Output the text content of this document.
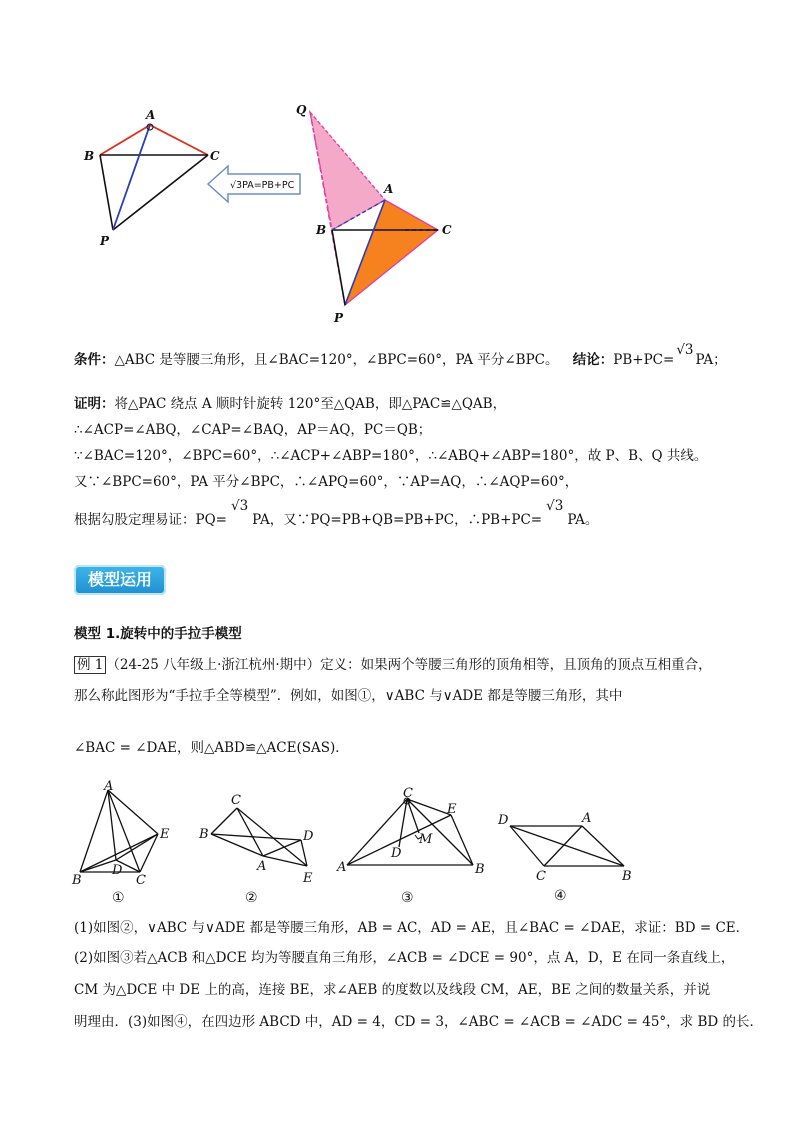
A
B	C
P
√3PA=PB+PC
Q
A
B	C
P
条件：△ABC 是等腰三角形，且∠BAC=120°，∠BPC=60°，PA 平分∠BPC。 结论：PB+PC=√3PA；
证明：将△PAC 绕点 A 顺时针旋转 120°至△QAB，即△PAC≌△QAB，
∴∠ACP=∠ABQ，∠CAP=∠BAQ，AP＝AQ，PC＝QB；
∵∠BAC=120°，∠BPC=60°，∴∠ACP+∠ABP=180°，∴∠ABQ+∠ABP=180°，故 P、B、Q 共线。
又∵∠BPC=60°，PA 平分∠BPC，∴∠APQ=60°，∵AP=AQ，∴∠AQP=60°，
根据勾股定理易证：PQ=√3PA，又∵PQ=PB+QB=PB+PC，∴PB+PC=√3PA。
模型运用
模型 1.旋转中的手拉手模型
例 1 （24-25 八年级上·浙江杭州·期中）定义：如果两个等腰三角形的顶角相等，且顶角的顶点互相重合，
那么称此图形为“手拉手全等模型”．例如，如图①，∨ABC 与∨ADE 都是等腰三角形，其中
∠BAC = ∠DAE，则△ABD≌△ACE(SAS)．
A
E
D
B	C
①
C
B	D
A
E
②
C
E
M
D
A	B
③
D	A
C	B
④
(1)如图②，∨ABC 与∨ADE 都是等腰三角形，AB = AC，AD = AE，且∠BAC = ∠DAE，求证：BD = CE．
(2)如图③若△ACB 和△DCE 均为等腰直角三角形，∠ACB = ∠DCE = 90°，点 A，D，E 在同一条直线上，
CM 为△DCE 中 DE 上的高，连接 BE，求∠AEB 的度数以及线段 CM，AE，BE 之间的数量关系，并说
明理由．(3)如图④，在四边形 ABCD 中，AD = 4，CD = 3，∠ABC = ∠ACB = ∠ADC = 45°，求 BD 的长．
